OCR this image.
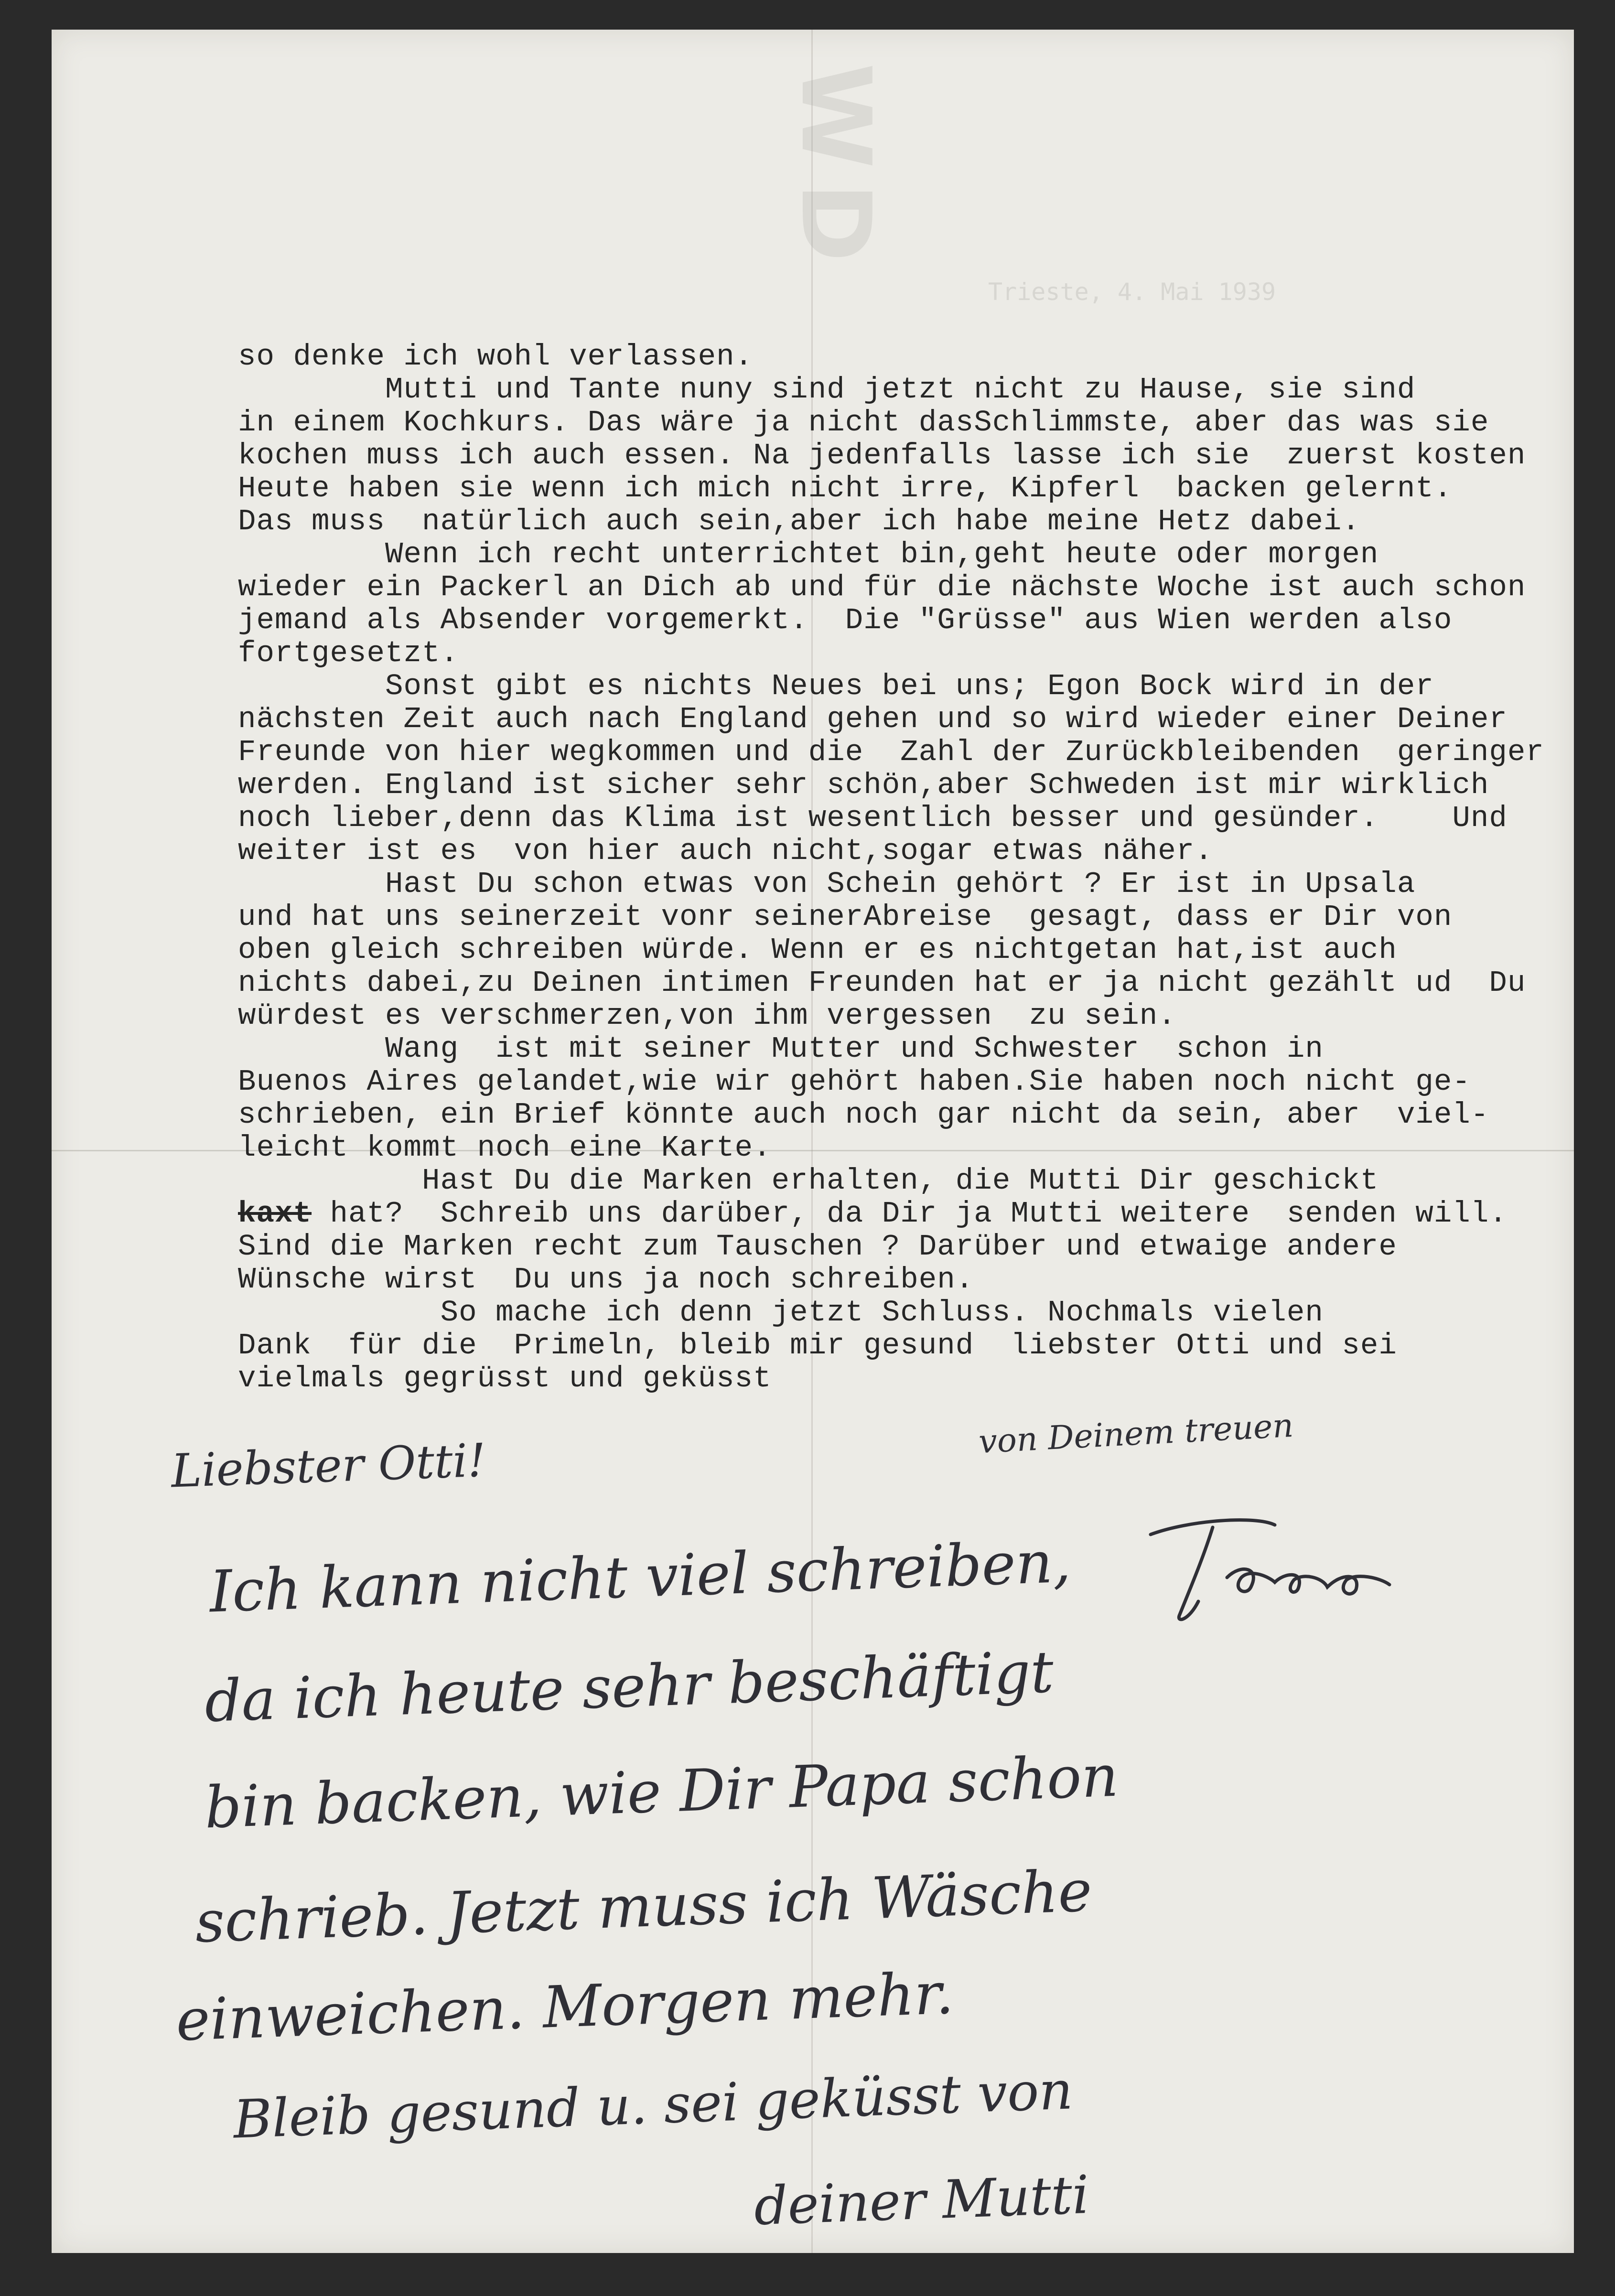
WD
Trieste, 4. Mai 1939
so denke ich wohl verlassen.
Mutti und Tante nuny sind jetzt nicht zu Hause, sie sind
in einem Kochkurs. Das wäre ja nicht dasSchlimmste, aber das was sie
kochen muss ich auch essen. Na jedenfalls lasse ich sie  zuerst kosten
Heute haben sie wenn ich mich nicht irre, Kipferl  backen gelernt.
Das muss  natürlich auch sein,aber ich habe meine Hetz dabei.
Wenn ich recht unterrichtet bin,geht heute oder morgen
wieder ein Packerl an Dich ab und für die nächste Woche ist auch schon
jemand als Absender vorgemerkt.  Die "Grüsse" aus Wien werden also
fortgesetzt.
Sonst gibt es nichts Neues bei uns; Egon Bock wird in der
nächsten Zeit auch nach England gehen und so wird wieder einer Deiner
Freunde von hier wegkommen und die  Zahl der Zurückbleibenden  geringer
werden. England ist sicher sehr schön,aber Schweden ist mir wirklich
noch lieber,denn das Klima ist wesentlich besser und gesünder.    Und
weiter ist es  von hier auch nicht,sogar etwas näher.
Hast Du schon etwas von Schein gehört ? Er ist in Upsala
und hat uns seinerzeit vonr seinerAbreise  gesagt, dass er Dir von
oben gleich schreiben würde. Wenn er es nichtgetan hat,ist auch
nichts dabei,zu Deinen intimen Freunden hat er ja nicht gezählt ud  Du
würdest es verschmerzen,von ihm vergessen  zu sein.
Wang  ist mit seiner Mutter und Schwester  schon in
Buenos Aires gelandet,wie wir gehört haben.Sie haben noch nicht ge-
schrieben, ein Brief könnte auch noch gar nicht da sein, aber  viel-
leicht kommt noch eine Karte.
Hast Du die Marken erhalten, die Mutti Dir geschickt
kaxt hat?  Schreib uns darüber, da Dir ja Mutti weitere  senden will.
Sind die Marken recht zum Tauschen ? Darüber und etwaige andere
Wünsche wirst  Du uns ja noch schreiben.
So mache ich denn jetzt Schluss. Nochmals vielen
Dank  für die  Primeln, bleib mir gesund  liebster Otti und sei
vielmals gegrüsst und geküsst
von Deinem treuen
Liebster Otti!
Ich kann nicht viel schreiben,
da ich heute sehr beschäftigt
bin backen, wie Dir Papa schon
schrieb. Jetzt muss ich Wäsche
einweichen. Morgen mehr.
Bleib gesund u. sei geküsst von
deiner Mutti
